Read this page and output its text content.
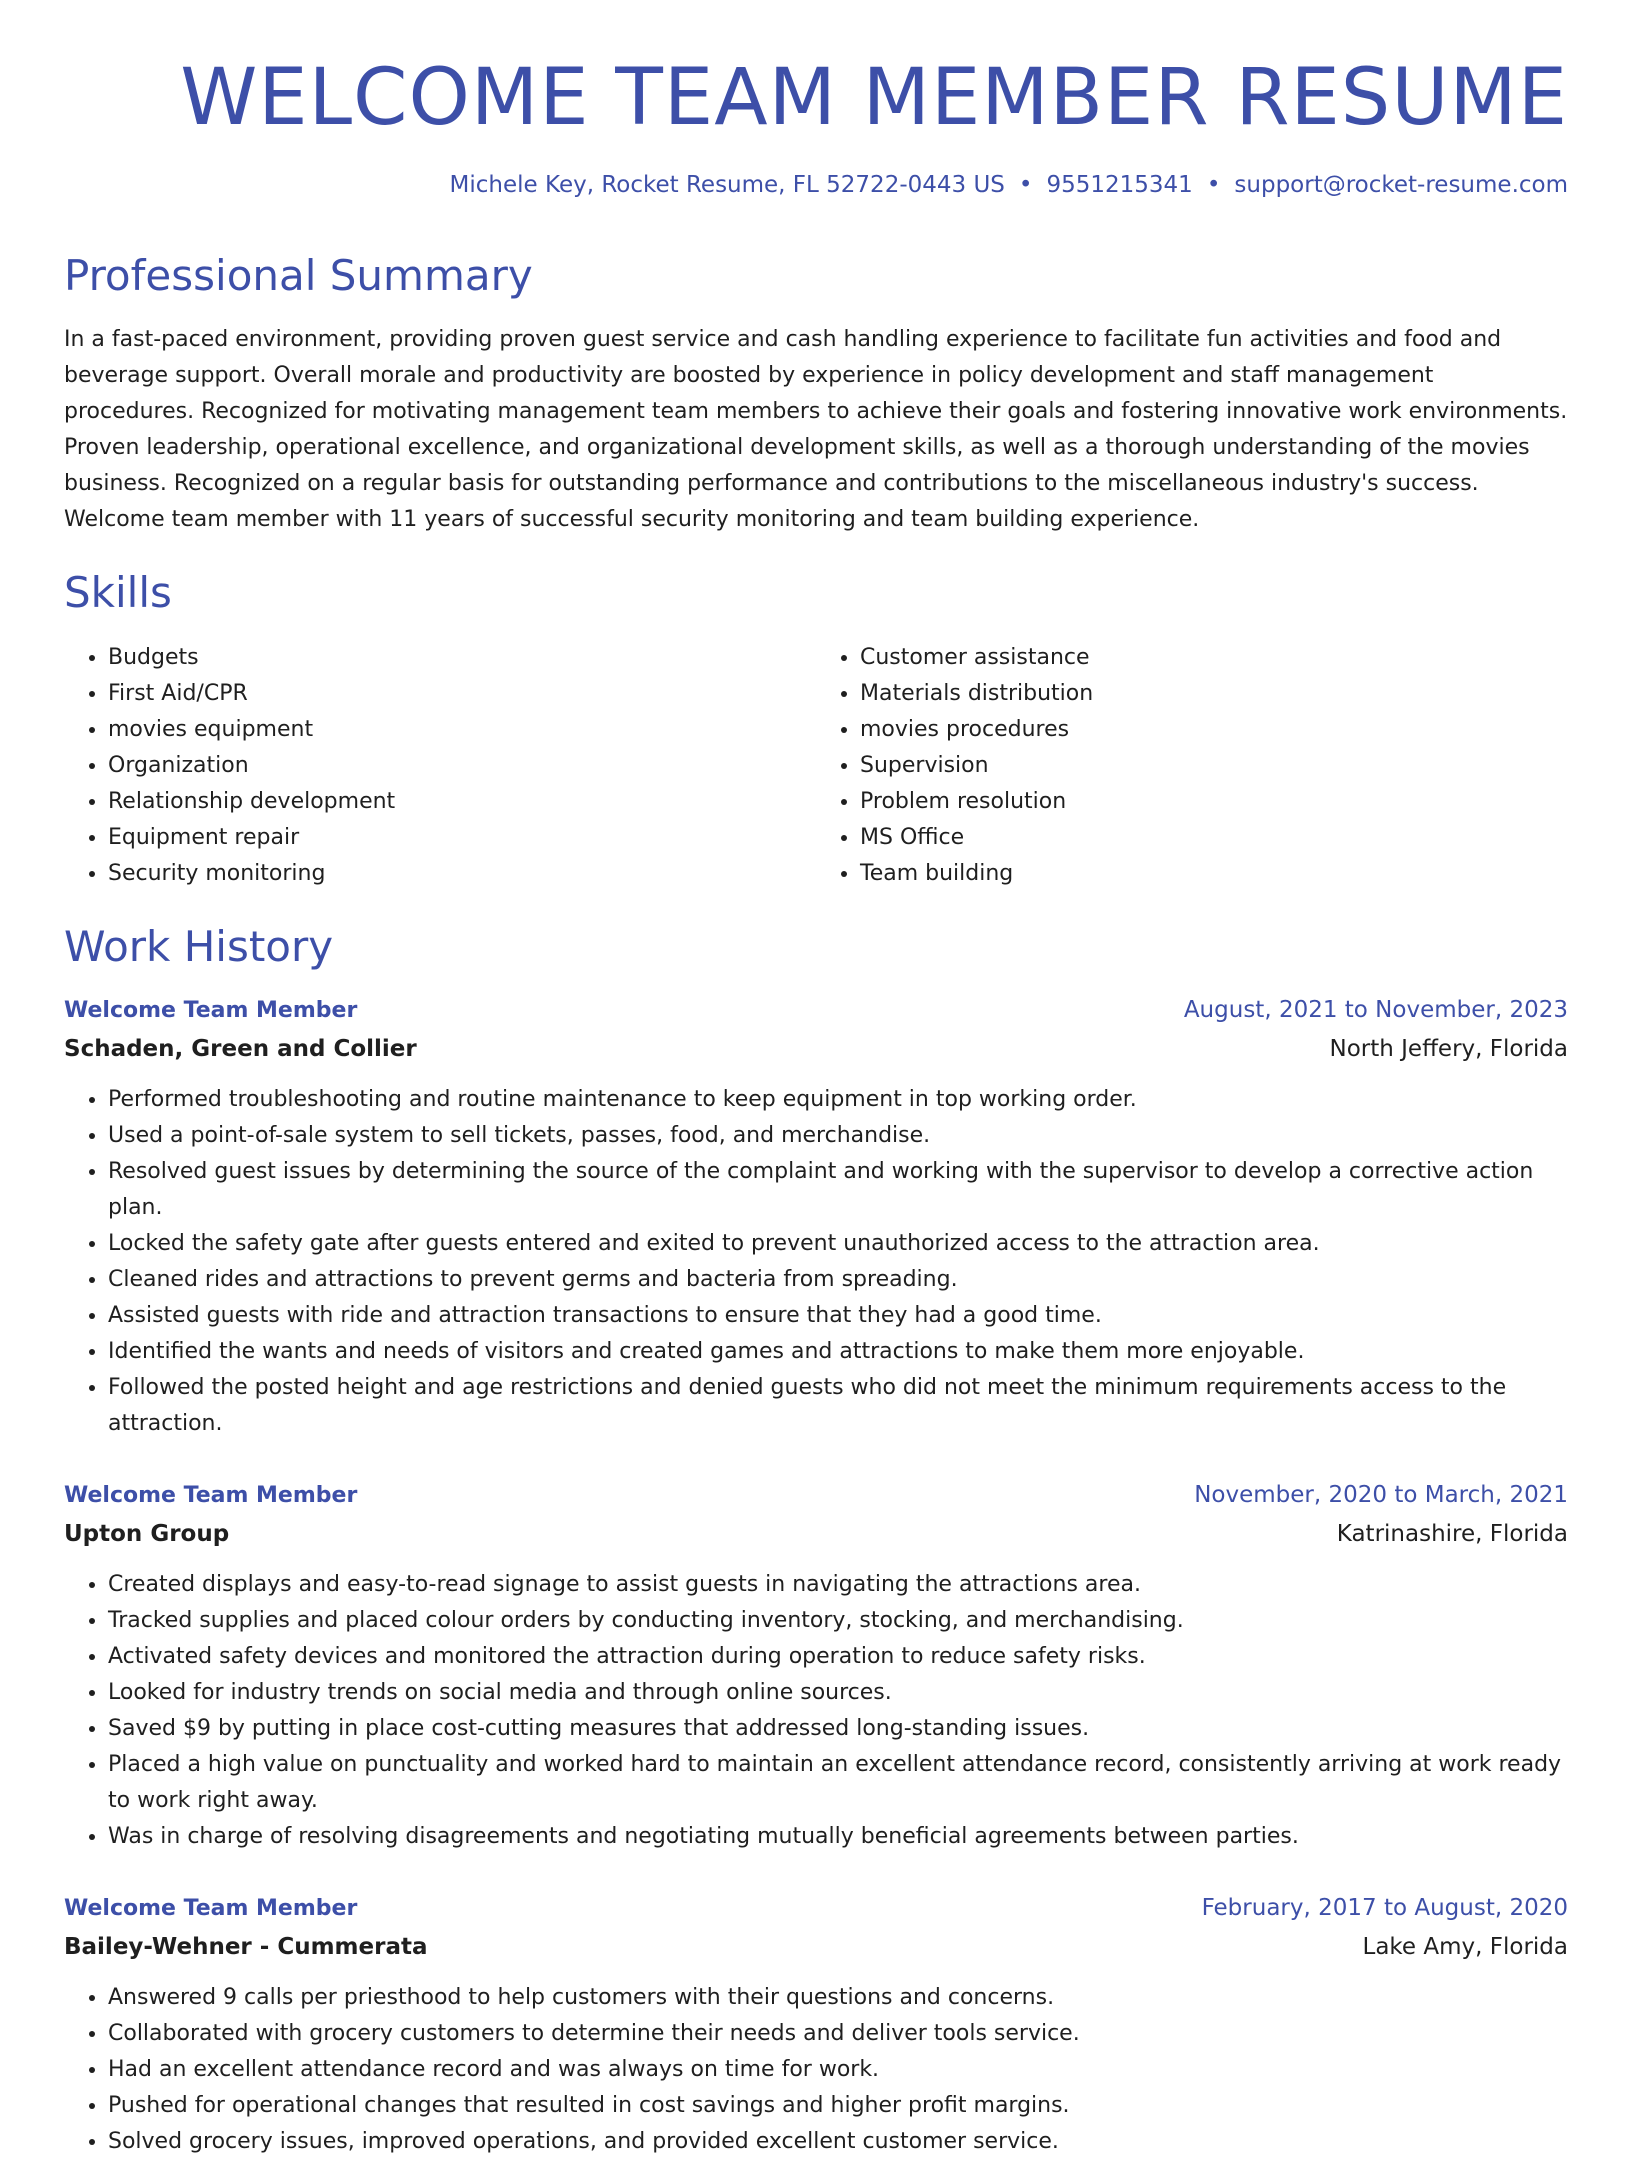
WELCOME TEAM MEMBER RESUME
Michele Key, Rocket Resume, FL 52722-0443 US • 9551215341 • support@rocket-resume.com
Professional Summary

In a fast-paced environment, providing proven guest service and cash handling experience to facilitate fun activities and food and beverage support. Overall morale and productivity are boosted by experience in policy development and staff management procedures. Recognized for motivating management team members to achieve their goals and fostering innovative work environments. Proven leadership, operational excellence, and organizational development skills, as well as a thorough understanding of the movies business. Recognized on a regular basis for outstanding performance and contributions to the miscellaneous industry's success. Welcome team member with 11 years of successful security monitoring and team building experience.

Skills
• Budgets
• First Aid/CPR
• movies equipment
• Organization
• Relationship development
• Equipment repair
• Security monitoring
• Customer assistance
• Materials distribution
• movies procedures
• Supervision
• Problem resolution
• MS Office
• Team building
Work History
Welcome Team Member	August, 2021 to November, 2023
Schaden, Green and Collier	North Jeffery, Florida
• Performed troubleshooting and routine maintenance to keep equipment in top working order.
• Used a point-of-sale system to sell tickets, passes, food, and merchandise.
• Resolved guest issues by determining the source of the complaint and working with the supervisor to develop a corrective action plan.
• Locked the safety gate after guests entered and exited to prevent unauthorized access to the attraction area.
• Cleaned rides and attractions to prevent germs and bacteria from spreading.
• Assisted guests with ride and attraction transactions to ensure that they had a good time.
• Identified the wants and needs of visitors and created games and attractions to make them more enjoyable.
• Followed the posted height and age restrictions and denied guests who did not meet the minimum requirements access to the attraction.
Welcome Team Member	November, 2020 to March, 2021
Upton Group	Katrinashire, Florida
• Created displays and easy-to-read signage to assist guests in navigating the attractions area.
• Tracked supplies and placed colour orders by conducting inventory, stocking, and merchandising.
• Activated safety devices and monitored the attraction during operation to reduce safety risks.
• Looked for industry trends on social media and through online sources.
• Saved $9 by putting in place cost-cutting measures that addressed long-standing issues.
• Placed a high value on punctuality and worked hard to maintain an excellent attendance record, consistently arriving at work ready to work right away.
• Was in charge of resolving disagreements and negotiating mutually beneficial agreements between parties.
Welcome Team Member	February, 2017 to August, 2020
Bailey-Wehner - Cummerata	Lake Amy, Florida
• Answered 9 calls per priesthood to help customers with their questions and concerns.
• Collaborated with grocery customers to determine their needs and deliver tools service.
• Had an excellent attendance record and was always on time for work.
• Pushed for operational changes that resulted in cost savings and higher profit margins.
• Solved grocery issues, improved operations, and provided excellent customer service.
